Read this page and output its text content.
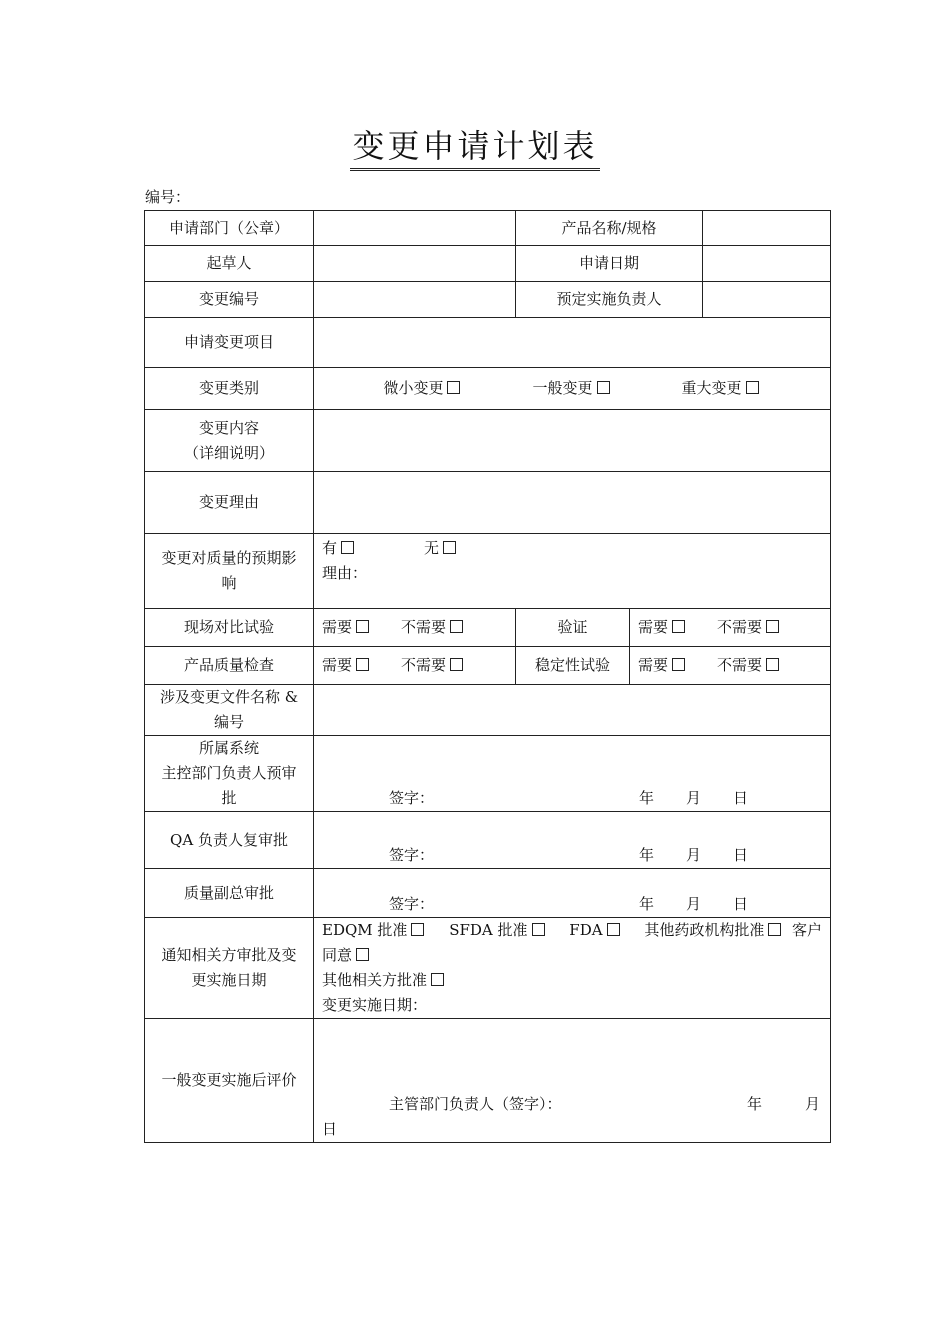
变更申请计划表
编号：
申请部门（公章）		产品名称/规格		
起草人		申请日期		
变更编号		预定实施负责人		
申请变更项目				
变更类别	微小变更 一般变更 重大变更			

变更内容
（详细说明）				

变更理由				

变更对质量的预期影
响	有 无
理由：			

现场对比试验	需要 不需要	验证	需要 不需要	

产品质量检查	需要 不需要	稳定性试验	需要 不需要	

涉及变更文件名称 &
编号				

所属系统
主控部门负责人预审
批	签字： 年 月 日			

QA 负责人复审批	签字： 年 月 日			

质量副总审批	签字： 年 月 日			

通知相关方审批及变
更实施日期	EDQM 批准 SFDA 批准 FDA 其他药政机构批准 客户
同意
其他相关方批准
变更实施日期：			

一般变更实施后评价	主管部门负责人（签字）： 年 月
日			
